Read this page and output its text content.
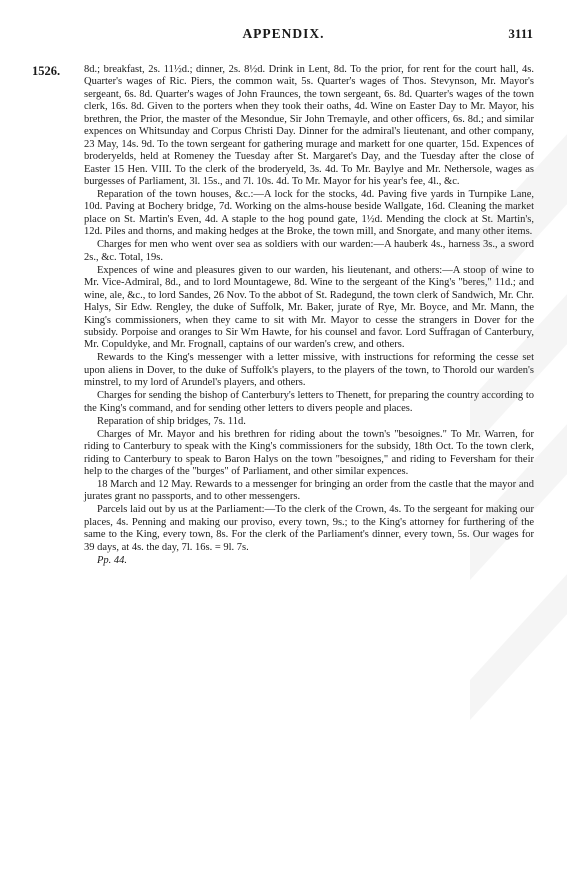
APPENDIX.	3111
1526. 8d.; breakfast, 2s. 11½d.; dinner, 2s. 8½d. Drink in Lent, 8d. To the prior, for rent for the court hall, 4s. Quarter's wages of Ric. Piers, the common wait, 5s. Quarter's wages of Thos. Stevynson, Mr. Mayor's sergeant, 6s. 8d. Quarter's wages of John Fraunces, the town sergeant, 6s. 8d. Quarter's wages of the town clerk, 16s. 8d. Given to the porters when they took their oaths, 4d. Wine on Easter Day to Mr. Mayor, his brethren, the Prior, the master of the Mesondue, Sir John Tremayle, and other officers, 6s. 8d.; and similar expences on Whitsunday and Corpus Christi Day. Dinner for the admiral's lieutenant, and other company, 23 May, 14s. 9d. To the town sergeant for gathering murage and markett for one quarter, 15d. Expences of broderyelds, held at Romeney the Tuesday after St. Margaret's Day, and the Tuesday after the close of Easter 15 Hen. VIII. To the clerk of the broderyeld, 3s. 4d. To Mr. Baylye and Mr. Nethersole, wages as burgesses of Parliament, 3l. 15s., and 7l. 10s. 4d. To Mr. Mayor for his year's fee, 4l., &c.

Reparation of the town houses, &c.:—A lock for the stocks, 4d. Paving five yards in Turnpike Lane, 10d. Paving at Bochery bridge, 7d. Working on the alms-house beside Wallgate, 16d. Cleaning the market place on St. Martin's Even, 4d. A staple to the hog pound gate, 1½d. Mending the clock at St. Martin's, 12d. Piles and thorns, and making hedges at the Broke, the town mill, and Snorgate, and many other items.

Charges for men who went over sea as soldiers with our warden:—A hauberk 4s., harness 3s., a sword 2s., &c. Total, 19s.

Expences of wine and pleasures given to our warden, his lieutenant, and others:—A stoop of wine to Mr. Vice-Admiral, 8d., and to lord Mountagewe, 8d. Wine to the sergeant of the King's "beres," 11d.; and wine, ale, &c., to lord Sandes, 26 Nov. To the abbot of St. Radegund, the town clerk of Sandwich, Mr. Chr. Halys, Sir Edw. Rengley, the duke of Suffolk, Mr. Baker, jurate of Rye, Mr. Boyce, and Mr. Mann, the King's commissioners, when they came to sit with Mr. Mayor to cesse the strangers in Dover for the subsidy. Porpoise and oranges to Sir Wm Hawte, for his counsel and favor. Lord Suffragan of Canterbury, Mr. Copuldyke, and Mr. Frognall, captains of our warden's crew, and others.

Rewards to the King's messenger with a letter missive, with instructions for reforming the cesse set upon aliens in Dover, to the duke of Suffolk's players, to the players of the town, to Thorold our warden's minstrel, to my lord of Arundel's players, and others.

Charges for sending the bishop of Canterbury's letters to Thenett, for preparing the country according to the King's command, and for sending other letters to divers people and places.

Reparation of ship bridges, 7s. 11d.

Charges of Mr. Mayor and his brethren for riding about the town's "besoignes." To Mr. Warren, for riding to Canterbury to speak with the King's commissioners for the subsidy, 18th Oct. To the town clerk, riding to Canterbury to speak to Baron Halys on the town "besoignes," and riding to Feversham for their help to the charges of the "burges" of Parliament, and other similar expences.

18 March and 12 May. Rewards to a messenger for bringing an order from the castle that the mayor and jurates grant no passports, and to other messengers.

Parcels laid out by us at the Parliament:—To the clerk of the Crown, 4s. To the sergeant for making our places, 4s. Penning and making our proviso, every town, 9s.; to the King's attorney for furthering of the same to the King, every town, 8s. For the clerk of the Parliament's dinner, every town, 5s. Our wages for 39 days, at 4s. the day, 7l. 16s. = 9l. 7s.

Pp. 44.
